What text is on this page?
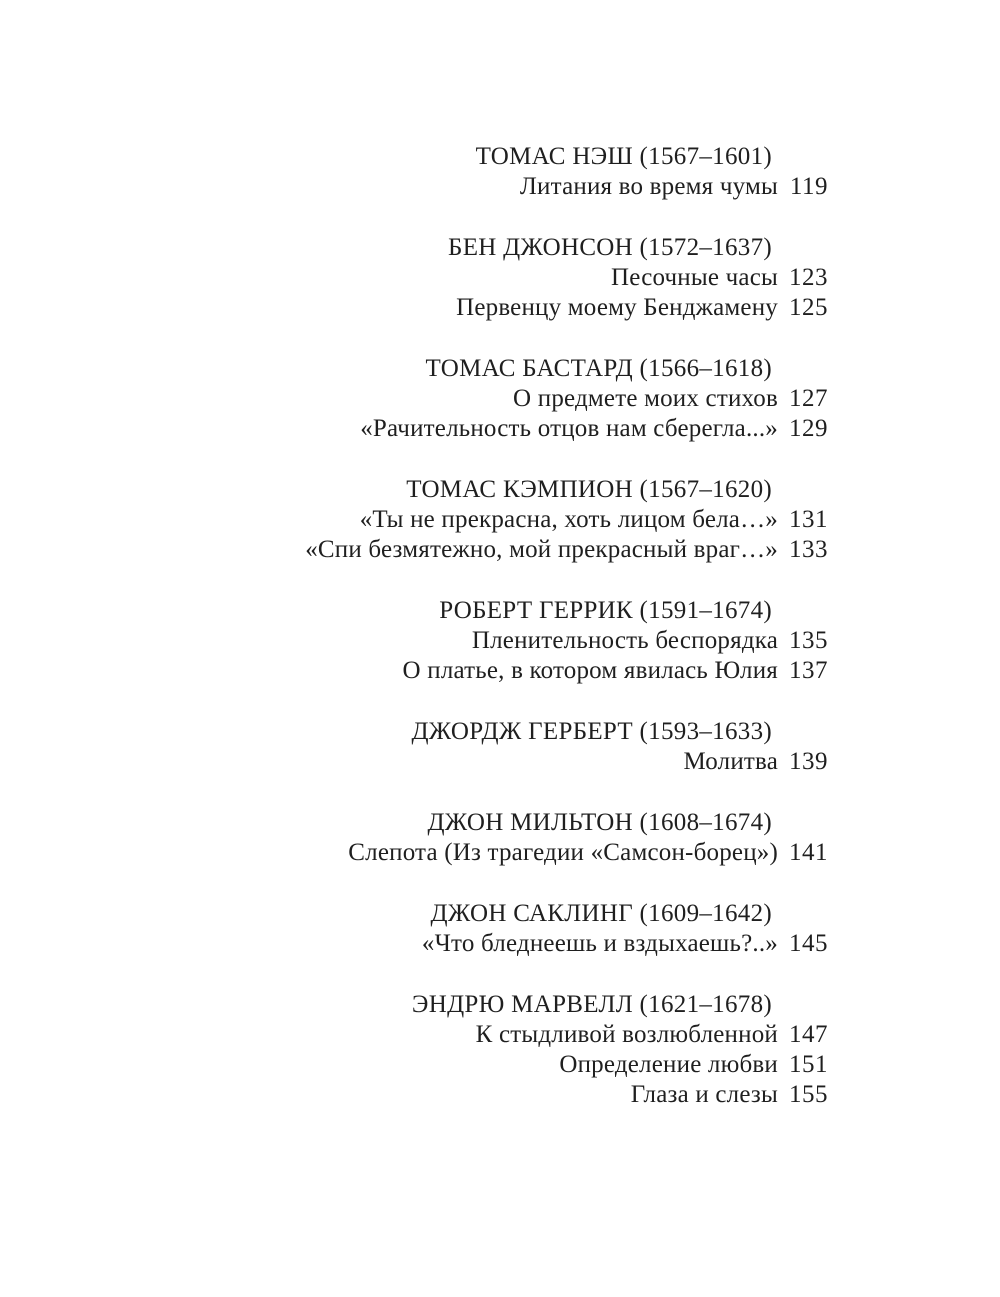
ТОМАС НЭШ (1567–1601)
Литания во время чумы 119
БЕН ДЖОНСОН (1572–1637)
Песочные часы 123
Первенцу моему Бенджамену 125
ТОМАС БАСТАРД (1566–1618)
О предмете моих стихов 127
«Рачительность отцов нам сберегла...» 129
ТОМАС КЭМПИОН (1567–1620)
«Ты не прекрасна, хоть лицом бела…» 131
«Спи безмятежно, мой прекрасный враг…» 133
РОБЕРТ ГЕРРИК (1591–1674)
Пленительность беспорядка 135
О платье, в котором явилась Юлия 137
ДЖОРДЖ ГЕРБЕРТ (1593–1633)
Молитва 139
ДЖОН МИЛЬТОН (1608–1674)
Слепота (Из трагедии «Самсон-борец») 141
ДЖОН САКЛИНГ (1609–1642)
«Что бледнеешь и вздыхаешь?..» 145
ЭНДРЮ МАРВЕЛЛ (1621–1678)
К стыдливой возлюбленной 147
Определение любви 151
Глаза и слезы 155
